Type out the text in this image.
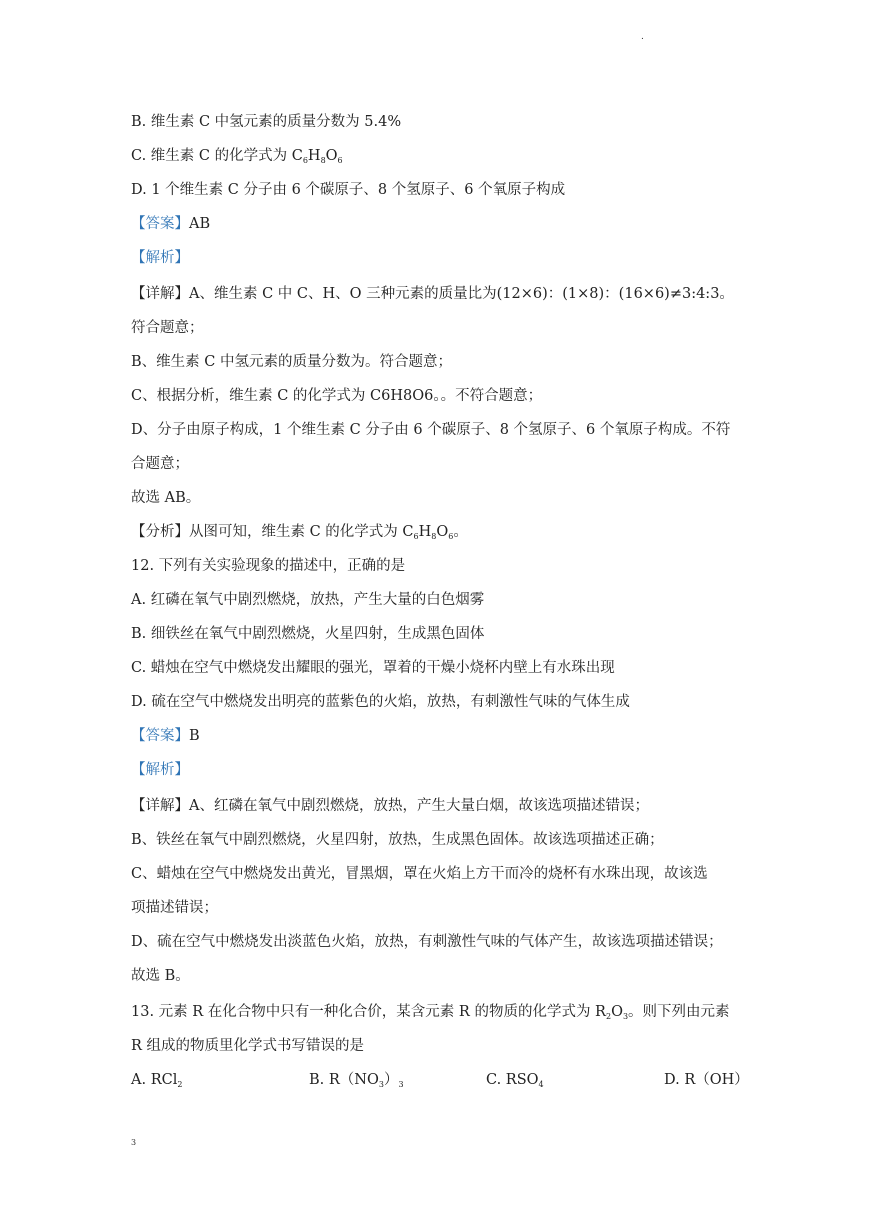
.
B. 维生素 C 中氢元素的质量分数为 5.4%
C. 维生素 C 的化学式为 $C_6H_8O_6$
D. 1 个维生素 C 分子由 6 个碳原子、8 个氢原子、6 个氧原子构成
【答案】AB
【解析】
【详解】A、维生素 C 中 C、H、O 三种元素的质量比为(12×6)：(1×8)：(16×6)≠3:4:3。
符合题意；
B、维生素 C 中氢元素的质量分数为。符合题意；
C、根据分析，维生素 C 的化学式为 C6H8O6。。不符合题意；
D、分子由原子构成，1 个维生素 C 分子由 6 个碳原子、8 个氢原子、6 个氧原子构成。不符
合题意；
故选 AB。
【分析】从图可知，维生素 C 的化学式为 $C_6H_8O_6$。
12. 下列有关实验现象的描述中，正确的是
A. 红磷在氧气中剧烈燃烧，放热，产生大量的白色烟雾
B. 细铁丝在氧气中剧烈燃烧，火星四射，生成黑色固体
C. 蜡烛在空气中燃烧发出耀眼的强光，罩着的干燥小烧杯内壁上有水珠出现
D. 硫在空气中燃烧发出明亮的蓝紫色的火焰，放热，有刺激性气味的气体生成
【答案】B
【解析】
【详解】A、红磷在氧气中剧烈燃烧，放热，产生大量白烟，故该选项描述错误；
B、铁丝在氧气中剧烈燃烧，火星四射，放热，生成黑色固体。故该选项描述正确；
C、蜡烛在空气中燃烧发出黄光，冒黑烟，罩在火焰上方干而冷的烧杯有水珠出现，故该选
项描述错误；
D、硫在空气中燃烧发出淡蓝色火焰，放热，有刺激性气味的气体产生，故该选项描述错误；
故选 B。
13. 元素 R 在化合物中只有一种化合价，某含元素 R 的物质的化学式为 $R_2O_3$。则下列由元素
R 组成的物质里化学式书写错误的是
A. RCl$_2$	B. $R(NO_3)_3$	C. $RSO_4$	D. R（OH）
3
